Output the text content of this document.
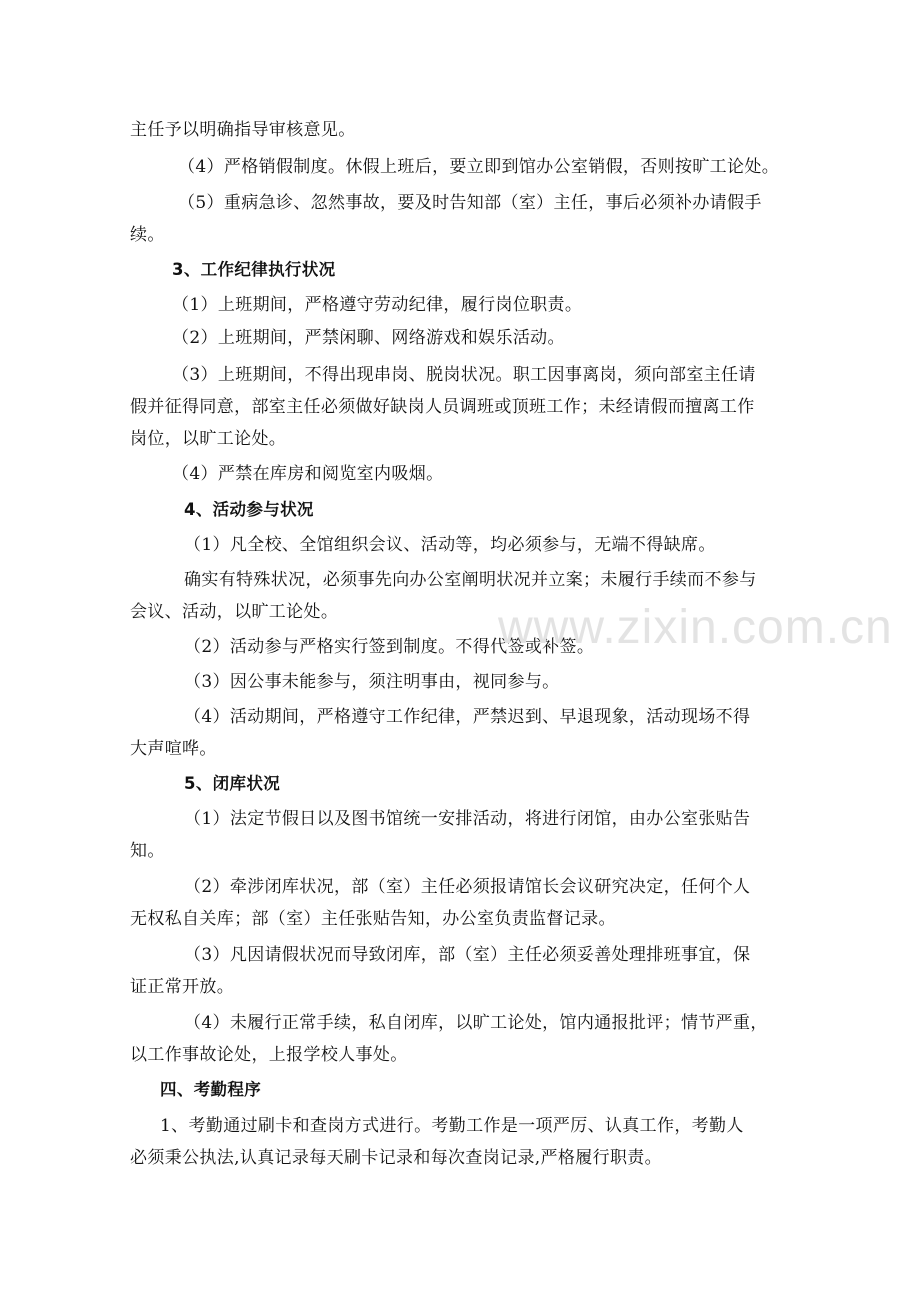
主任予以明确指导审核意见。
（4）严格销假制度。休假上班后，要立即到馆办公室销假，否则按旷工论处。
（5）重病急诊、忽然事故，要及时告知部（室）主任，事后必须补办请假手
续。
3、工作纪律执行状况
（1）上班期间，严格遵守劳动纪律，履行岗位职责。
（2）上班期间，严禁闲聊、网络游戏和娱乐活动。
（3）上班期间，不得出现串岗、脱岗状况。职工因事离岗，须向部室主任请
假并征得同意，部室主任必须做好缺岗人员调班或顶班工作；未经请假而擅离工作
岗位，以旷工论处。
（4）严禁在库房和阅览室内吸烟。
4、活动参与状况
（1）凡全校、全馆组织会议、活动等，均必须参与，无端不得缺席。
确实有特殊状况，必须事先向办公室阐明状况并立案；未履行手续而不参与
会议、活动，以旷工论处。
（2）活动参与严格实行签到制度。不得代签或补签。
（3）因公事未能参与，须注明事由，视同参与。
（4）活动期间，严格遵守工作纪律，严禁迟到、早退现象，活动现场不得
大声喧哗。
5、闭库状况
（1）法定节假日以及图书馆统一安排活动，将进行闭馆，由办公室张贴告
知。
（2）牵涉闭库状况，部（室）主任必须报请馆长会议研究决定，任何个人
无权私自关库；部（室）主任张贴告知，办公室负责监督记录。
（3）凡因请假状况而导致闭库，部（室）主任必须妥善处理排班事宜，保
证正常开放。
（4）未履行正常手续，私自闭库，以旷工论处，馆内通报批评；情节严重，
以工作事故论处，上报学校人事处。
四、考勤程序
1、考勤通过刷卡和查岗方式进行。考勤工作是一项严厉、认真工作，考勤人
必须秉公执法,认真记录每天刷卡记录和每次查岗记录,严格履行职责。
www.zixin.com.cn
